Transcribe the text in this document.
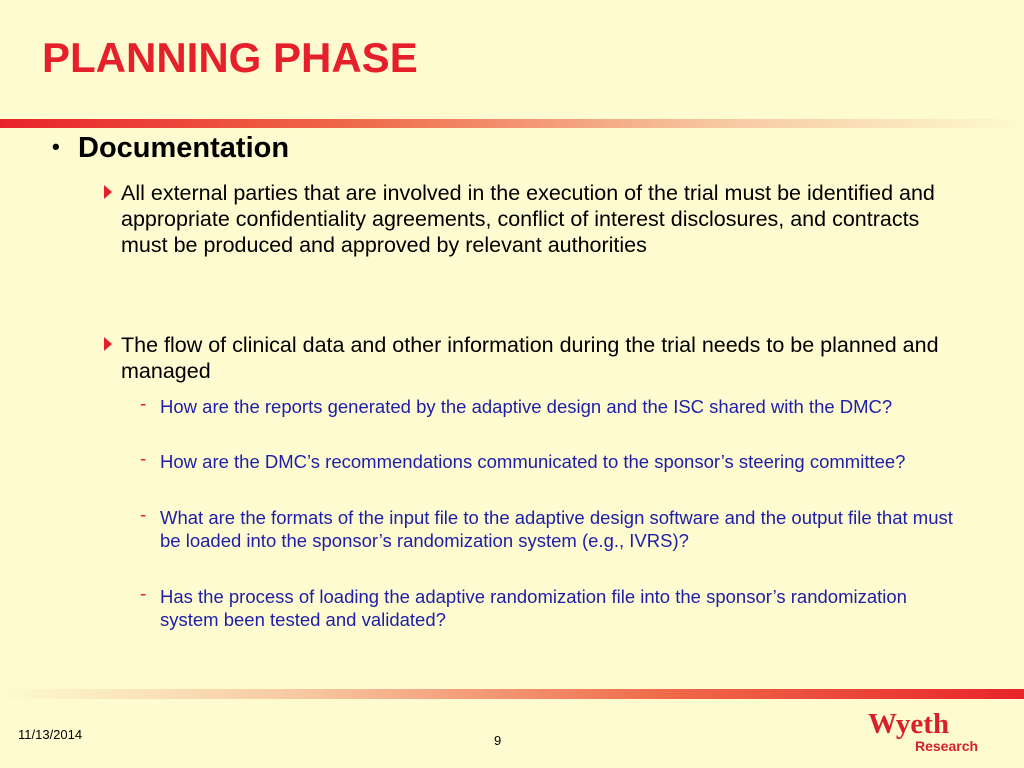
PLANNING PHASE
• Documentation
All external parties that are involved in the execution of the trial must be identified and appropriate confidentiality agreements, conflict of interest disclosures, and contracts must be produced and approved by relevant authorities
The flow of clinical data and other information during the trial needs to be planned and managed
- How are the reports generated by the adaptive design and the ISC shared with the DMC?
- How are the DMC’s recommendations communicated to the sponsor’s steering committee?
- What are the formats of the input file to the adaptive design software and the output file that must be loaded into the sponsor’s randomization system (e.g., IVRS)?
- Has the process of loading the adaptive randomization file into the sponsor’s randomization system been tested and validated?
11/13/2014	9
Wyeth
Research
